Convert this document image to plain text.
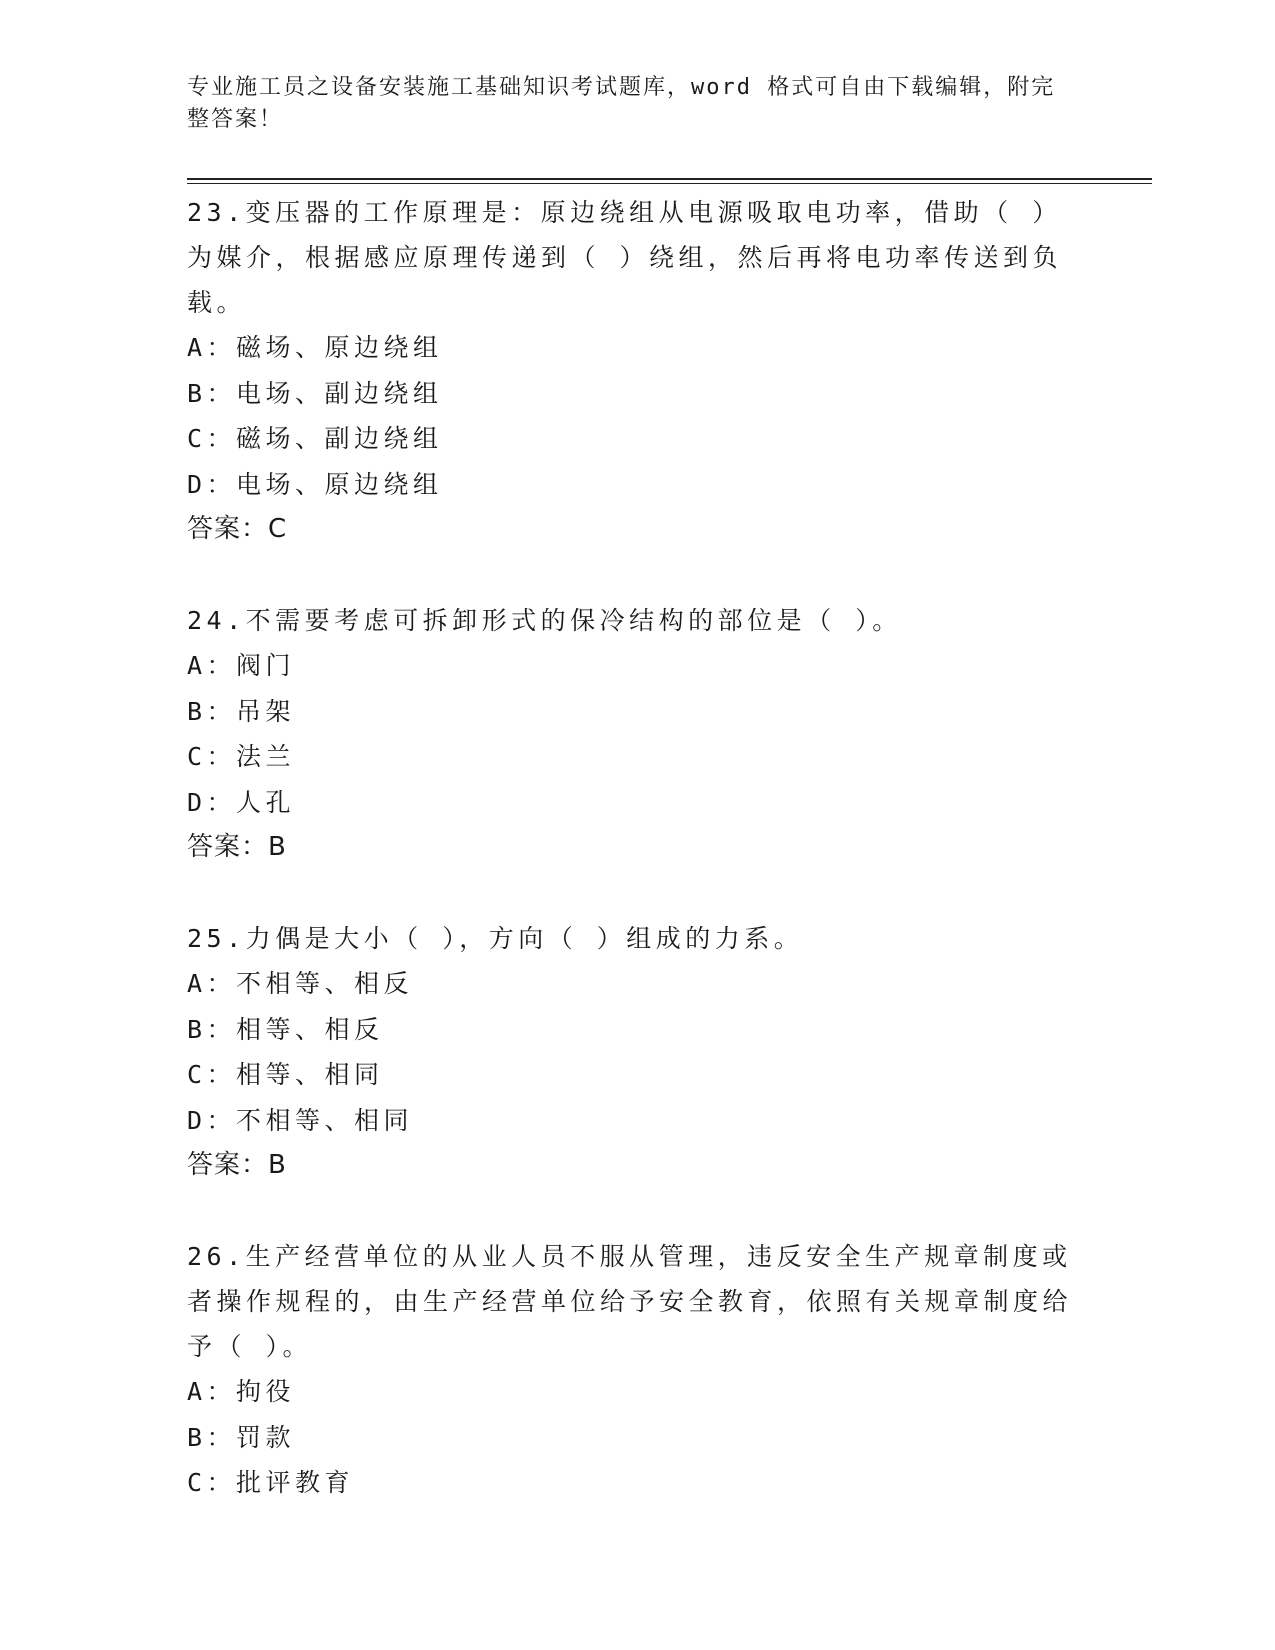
专业施工员之设备安装施工基础知识考试题库，word 格式可自由下载编辑，附完整答案！

23.变压器的工作原理是：原边绕组从电源吸取电功率，借助（ ）为媒介，根据感应原理传递到（ ）绕组，然后再将电功率传送到负载。

A：磁场、原边绕组

B：电场、副边绕组

C：磁场、副边绕组

D：电场、原边绕组

答案：C

24.不需要考虑可拆卸形式的保冷结构的部位是（ ）。

A：阀门

B：吊架

C：法兰

D：人孔

答案：B

25.力偶是大小（ ），方向（ ）组成的力系。

A：不相等、相反

B：相等、相反

C：相等、相同

D：不相等、相同

答案：B

26.生产经营单位的从业人员不服从管理，违反安全生产规章制度或者操作规程的，由生产经营单位给予安全教育，依照有关规章制度给予（ ）。

A：拘役

B：罚款

C：批评教育
